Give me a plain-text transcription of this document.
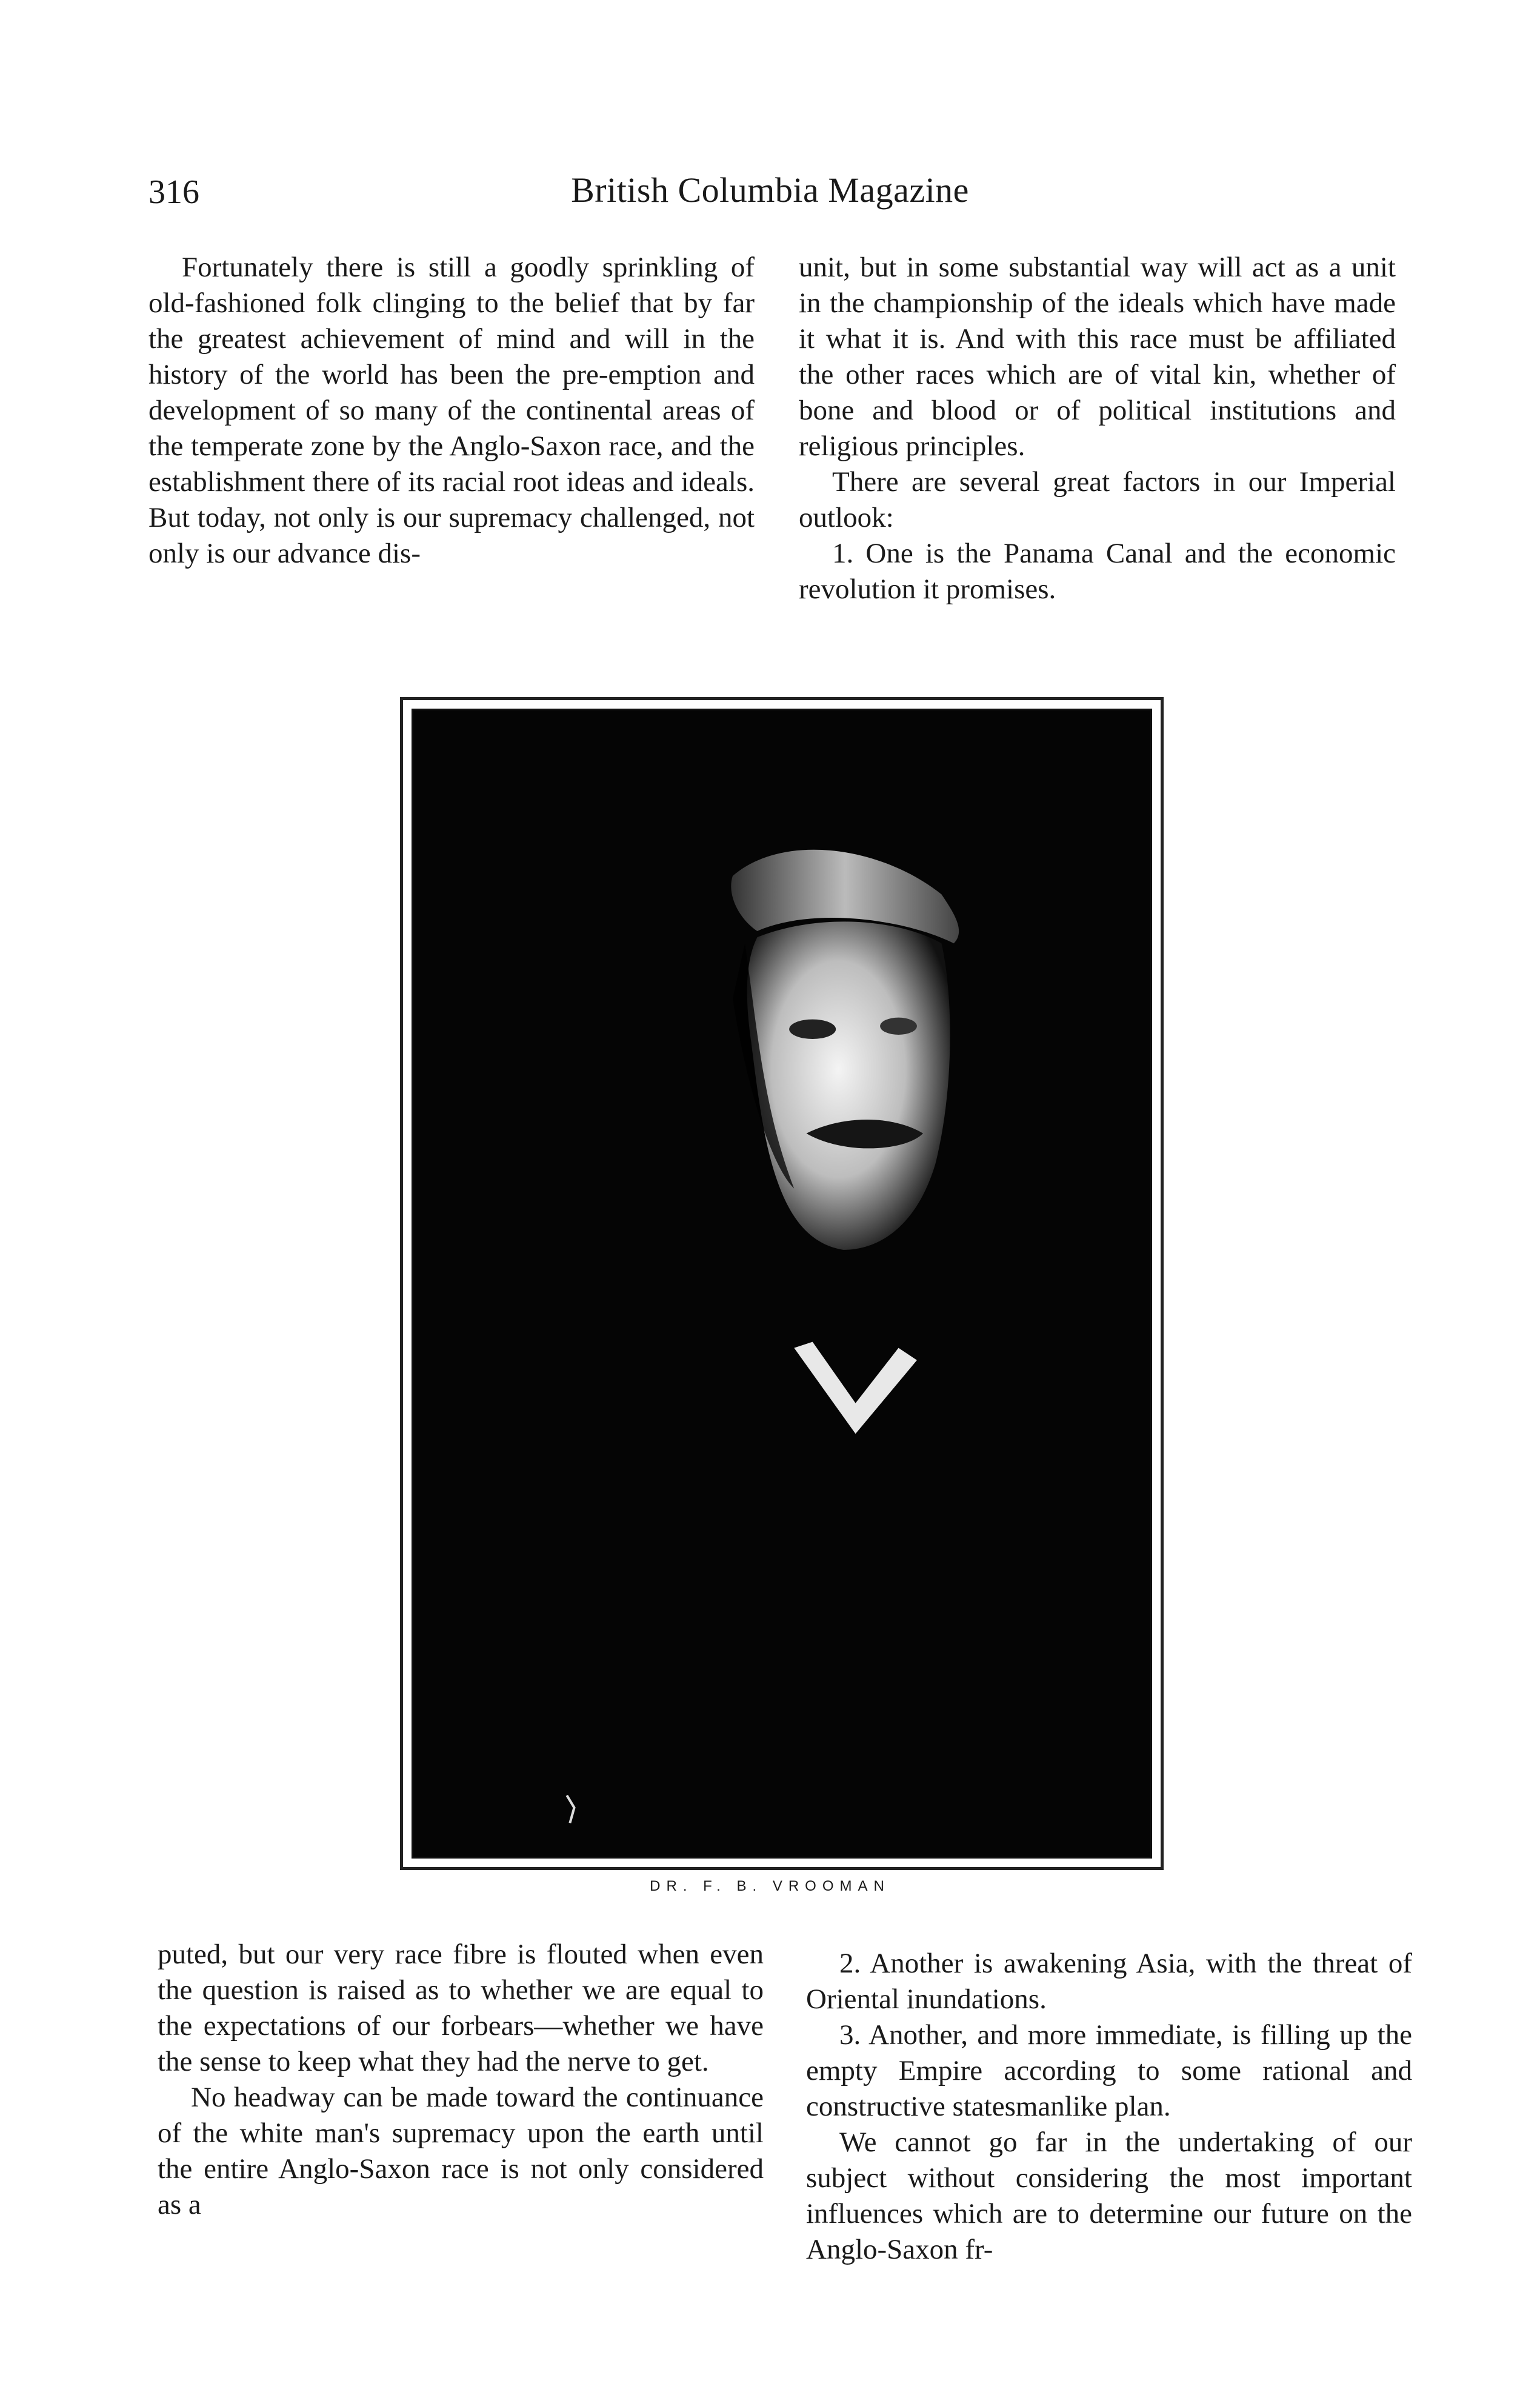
316	British Columbia Magazine

Fortunately there is still a goodly sprinkling of old-fashioned folk clinging to the belief that by far the greatest achievement of mind and will in the history of the world has been the pre-emption and development of so many of the continental areas of the temperate zone by the Anglo-Saxon race, and the establishment there of its racial root ideas and ideals. But today, not only is our supremacy challenged, not only is our advance dis-

unit, but in some substantial way will act as a unit in the championship of the ideals which have made it what it is. And with this race must be affiliated the other races which are of vital kin, whether of bone and blood or of political institutions and religious principles.

There are several great factors in our Imperial outlook:

1. One is the Panama Canal and the economic revolution it promises.

DR. F. B. VROOMAN

puted, but our very race fibre is flouted when even the question is raised as to whether we are equal to the expectations of our forbears—whether we have the sense to keep what they had the nerve to get.

No headway can be made toward the continuance of the white man's supremacy upon the earth until the entire Anglo-Saxon race is not only considered as a

2. Another is awakening Asia, with the threat of Oriental inundations.

3. Another, and more immediate, is filling up the empty Empire according to some rational and constructive statesmanlike plan.

We cannot go far in the undertaking of our subject without considering the most important influences which are to determine our future on the Anglo-Saxon fr-
